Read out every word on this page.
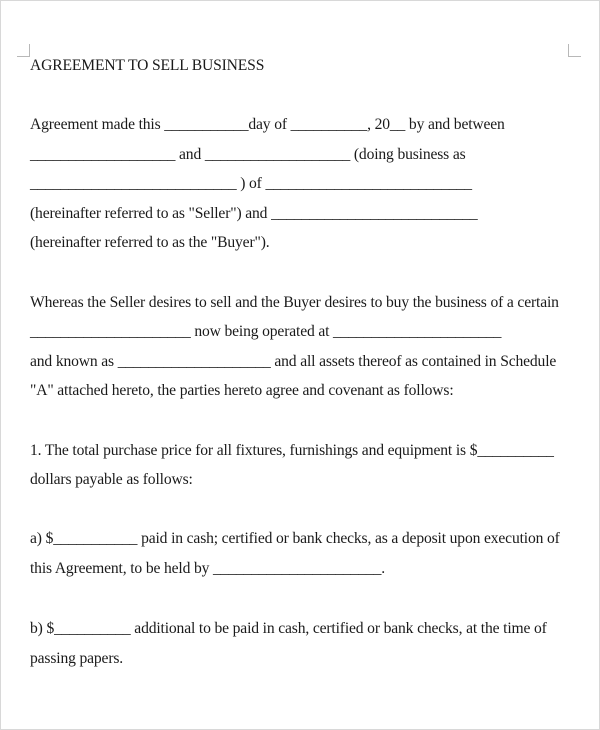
AGREEMENT TO SELL BUSINESS
Agreement made this ___________day of __________, 20__ by and between
___________________ and ___________________ (doing business as
___________________________ ) of ___________________________
(hereinafter referred to as "Seller") and ___________________________
(hereinafter referred to as the "Buyer").
Whereas the Seller desires to sell and the Buyer desires to buy the business of a certain
_____________________ now being operated at ______________________
and known as ____________________ and all assets thereof as contained in Schedule
"A" attached hereto, the parties hereto agree and covenant as follows:
1. The total purchase price for all fixtures, furnishings and equipment is $__________
dollars payable as follows:
a) $___________ paid in cash; certified or bank checks, as a deposit upon execution of
this Agreement, to be held by ______________________.
b) $__________ additional to be paid in cash, certified or bank checks, at the time of
passing papers.
